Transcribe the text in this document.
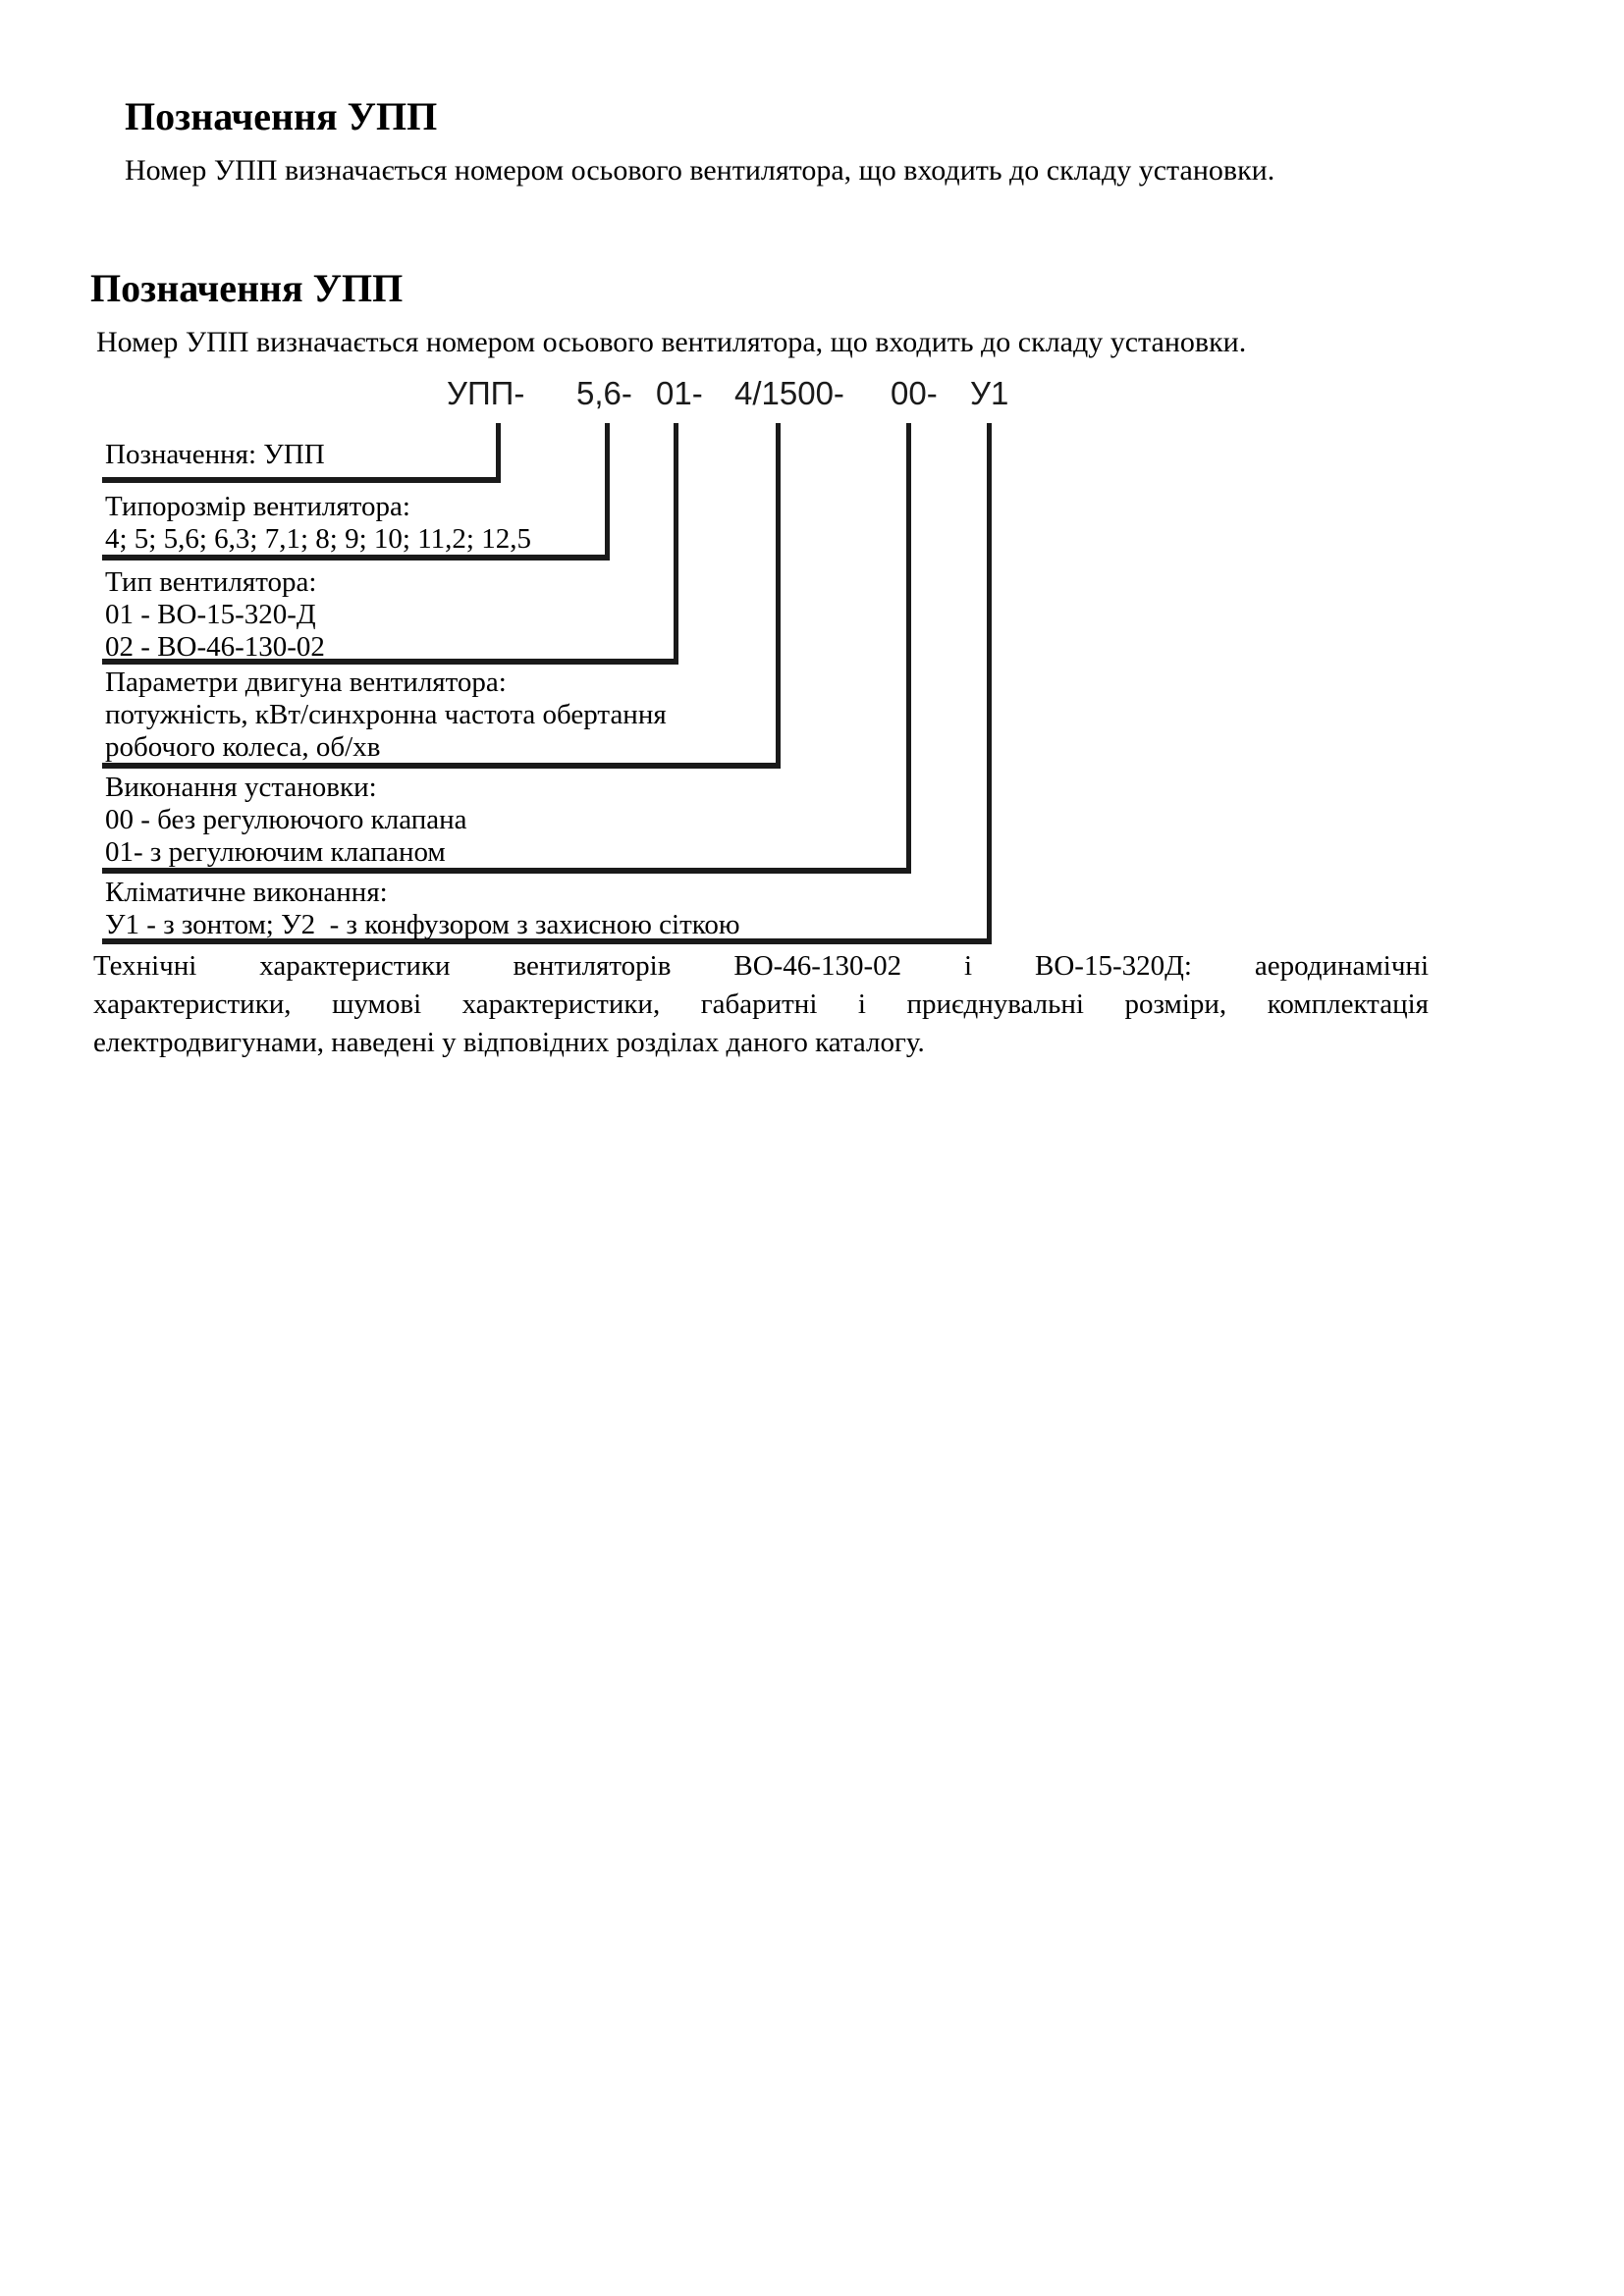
Позначення УПП
Номер УПП визначається номером осьового вентилятора, що входить до складу установки.
Позначення УПП
Номер УПП визначається номером осьового вентилятора, що входить до складу установки.
УПП- 5,6- 01- 4/1500- 00- У1
Позначення: УПП
Типорозмір вентилятора:
4; 5; 5,6; 6,3; 7,1; 8; 9; 10; 11,2; 12,5
Тип вентилятора:
01 - ВО-15-320-Д
02 - ВО-46-130-02
Параметри двигуна вентилятора:
потужність, кВт/синхронна частота обертання
робочого колеса, об/хв
Виконання установки:
00 - без регулюючого клапана
01- з регулюючим клапаном
Кліматичне виконання:
У1 - з зонтом; У2  - з конфузором з захисною сіткою
Технічні характеристики вентиляторів ВО-46-130-02 і ВО-15-320Д: аеродинамічні
характеристики, шумові характеристики, габаритні і приєднувальні розміри, комплектація
електродвигунами, наведені у відповідних розділах даного каталогу.
